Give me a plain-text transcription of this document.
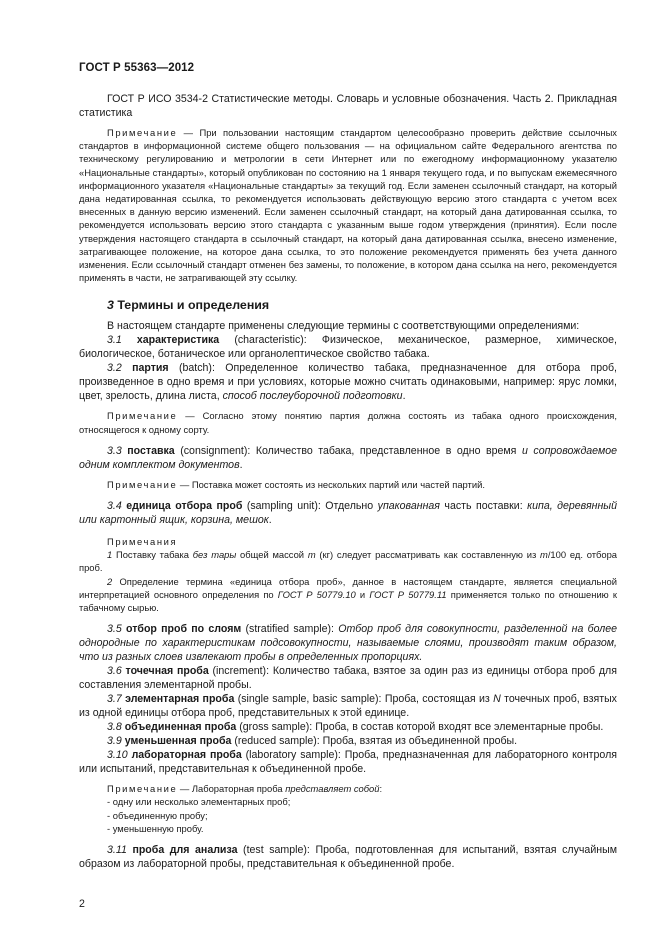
ГОСТ Р 55363—2012

ГОСТ Р ИСО 3534-2 Статистические методы. Словарь и условные обозначения. Часть 2. Прикладная статистика

Примечание — При пользовании настоящим стандартом целесообразно проверить действие ссылочных стандартов в информационной системе общего пользования — на официальном сайте Федерального агентства по техническому регулированию и метрологии в сети Интернет или по ежегодному информационному указателю «Национальные стандарты», который опубликован по состоянию на 1 января текущего года, и по выпускам ежемесячного информационного указателя «Национальные стандарты» за текущий год. Если заменен ссылочный стандарт, на который дана недатированная ссылка, то рекомендуется использовать действующую версию этого стандарта с учетом всех внесенных в данную версию изменений. Если заменен ссылочный стандарт, на который дана датированная ссылка, то рекомендуется использовать версию этого стандарта с указанным выше годом утверждения (принятия). Если после утверждения настоящего стандарта в ссылочный стандарт, на который дана датированная ссылка, внесено изменение, затрагивающее положение, на которое дана ссылка, то это положение рекомендуется применять без учета данного изменения. Если ссылочный стандарт отменен без замены, то положение, в котором дана ссылка на него, рекомендуется применять в части, не затрагивающей эту ссылку.

3 Термины и определения

В настоящем стандарте применены следующие термины с соответствующими определениями:

3.1 характеристика (characteristic): Физическое, механическое, размерное, химическое, биологическое, ботаническое или органолептическое свойство табака.

3.2 партия (batch): Определенное количество табака, предназначенное для отбора проб, произведенное в одно время и при условиях, которые можно считать одинаковыми, например: ярус ломки, цвет, зрелость, длина листа, способ послеуборочной подготовки.

Примечание — Согласно этому понятию партия должна состоять из табака одного происхождения, относящегося к одному сорту.

3.3 поставка (consignment): Количество табака, представленное в одно время и сопровождаемое одним комплектом документов.

Примечание — Поставка может состоять из нескольких партий или частей партий.

3.4 единица отбора проб (sampling unit): Отдельно упакованная часть поставки: кипа, деревянный или картонный ящик, корзина, мешок.

Примечания

1 Поставку табака без тары общей массой m (кг) следует рассматривать как составленную из m/100 ед. отбора проб.

2 Определение термина «единица отбора проб», данное в настоящем стандарте, является специальной интерпретацией основного определения по ГОСТ Р 50779.10 и ГОСТ Р 50779.11 применяется только по отношению к табачному сырью.

3.5 отбор проб по слоям (stratified sample): Отбор проб для совокупности, разделенной на более однородные по характеристикам подсовокупности, называемые слоями, производят таким образом, что из разных слоев извлекают пробы в определенных пропорциях.

3.6 точечная проба (increment): Количество табака, взятое за один раз из единицы отбора проб для составления элементарной пробы.

3.7 элементарная проба (single sample, basic sample): Проба, состоящая из N точечных проб, взятых из одной единицы отбора проб, представительных к этой единице.

3.8 объединенная проба (gross sample): Проба, в состав которой входят все элементарные пробы.

3.9 уменьшенная проба (reduced sample): Проба, взятая из объединенной пробы.

3.10 лабораторная проба (laboratory sample): Проба, предназначенная для лабораторного контроля или испытаний, представительная к объединенной пробе.

Примечание — Лабораторная проба представляет собой:

- одну или несколько элементарных проб;

- объединенную пробу;

- уменьшенную пробу.

3.11 проба для анализа (test sample): Проба, подготовленная для испытаний, взятая случайным образом из лабораторной пробы, представительная к объединенной пробе.

2
